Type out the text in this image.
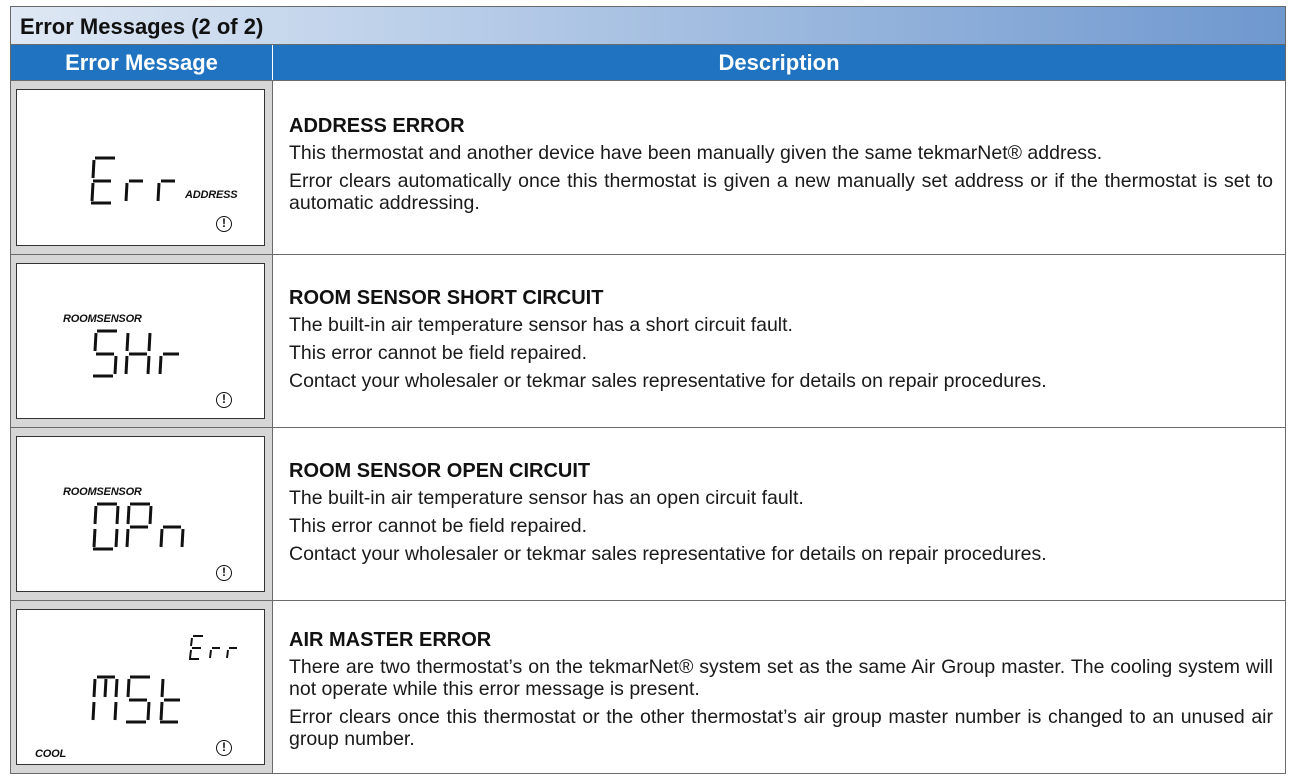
Error Messages (2 of 2)
Error Message	Description
ADDRESS
!
ADDRESS ERROR

This thermostat and another device have been manually given the same tekmarNet® address.

Error clears automatically once this thermostat is given a new manually set address or if the thermostat is set to automatic addressing.

ROOMSENSOR
!
ROOM SENSOR SHORT CIRCUIT

The built-in air temperature sensor has a short circuit fault.

This error cannot be field repaired.

Contact your wholesaler or tekmar sales representative for details on repair procedures.

ROOMSENSOR
!
ROOM SENSOR OPEN CIRCUIT

The built-in air temperature sensor has an open circuit fault.

This error cannot be field repaired.

Contact your wholesaler or tekmar sales representative for details on repair procedures.

COOL	!
AIR MASTER ERROR

There are two thermostat’s on the tekmarNet® system set as the same Air Group master. The cooling system will not operate while this error message is present.

Error clears once this thermostat or the other thermostat’s air group master number is changed to an unused air group number.
